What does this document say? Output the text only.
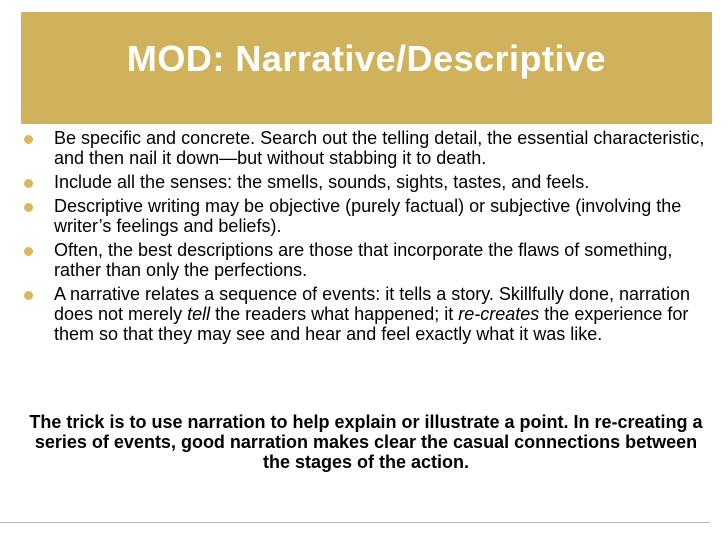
MOD: Narrative/Descriptive
Be specific and concrete. Search out the telling detail, the essential characteristic, and then nail it down—but without stabbing it to death.
Include all the senses: the smells, sounds, sights, tastes, and feels.
Descriptive writing may be objective (purely factual) or subjective (involving the writer’s feelings and beliefs).
Often, the best descriptions are those that incorporate the flaws of something, rather than only the perfections.
A narrative relates a sequence of events: it tells a story. Skillfully done, narration does not merely tell the readers what happened; it re-creates the experience for them so that they may see and hear and feel exactly what it was like.
The trick is to use narration to help explain or illustrate a point. In re-creating a series of events, good narration makes clear the casual connections between the stages of the action.
